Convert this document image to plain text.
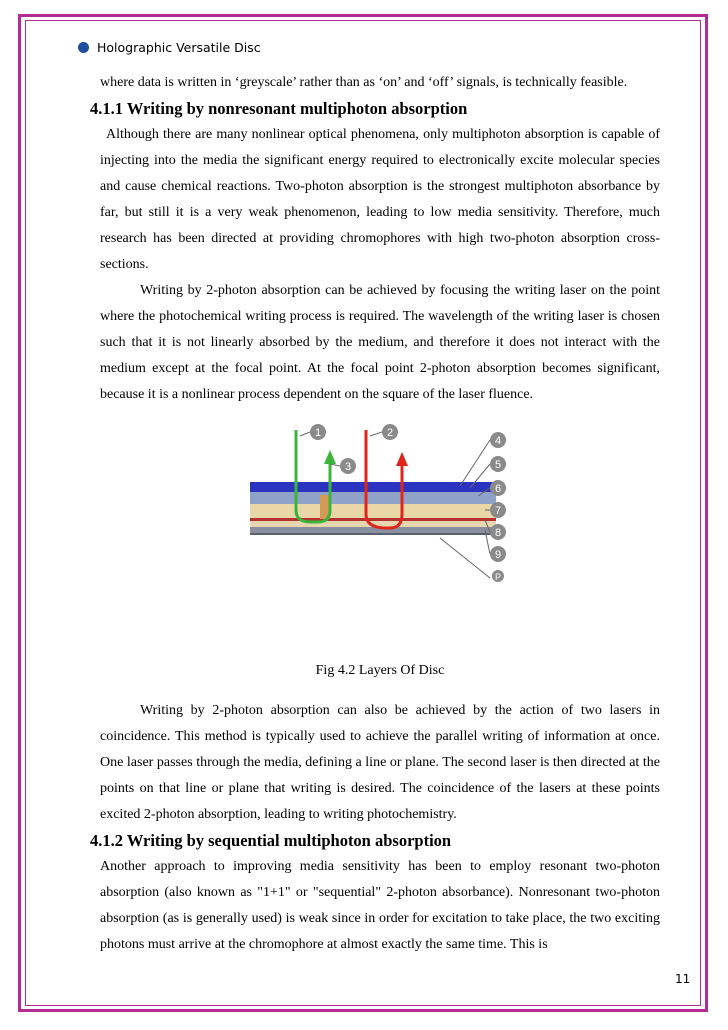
Holographic Versatile Disc

where data is written in ‘greyscale’ rather than as ‘on’ and ‘off’ signals, is technically feasible.

4.1.1 Writing by nonresonant multiphoton absorption

Although there are many nonlinear optical phenomena, only multiphoton absorption is capable of injecting into the media the significant energy required to electronically excite molecular species and cause chemical reactions. Two-photon absorption is the strongest multiphoton absorbance by far, but still it is a very weak phenomenon, leading to low media sensitivity. Therefore, much research has been directed at providing chromophores with high two-photon absorption cross-sections.

Writing by 2-photon absorption can be achieved by focusing the writing laser on the point where the photochemical writing process is required. The wavelength of the writing laser is chosen such that it is not linearly absorbed by the medium, and therefore it does not interact with the medium except at the focal point. At the focal point 2-photon absorption becomes significant, because it is a nonlinear process dependent on the square of the laser fluence.

1	2
3
4
5
6
7
8
9
P
Fig 4.2 Layers Of Disc

Writing by 2-photon absorption can also be achieved by the action of two lasers in coincidence. This method is typically used to achieve the parallel writing of information at once. One laser passes through the media, defining a line or plane. The second laser is then directed at the points on that line or plane that writing is desired. The coincidence of the lasers at these points excited 2-photon absorption, leading to writing photochemistry.

4.1.2 Writing by sequential multiphoton absorption

Another approach to improving media sensitivity has been to employ resonant two-photon absorption (also known as "1+1" or "sequential" 2-photon absorbance). Nonresonant two-photon absorption (as is generally used) is weak since in order for excitation to take place, the two exciting photons must arrive at the chromophore at almost exactly the same time. This is

11
